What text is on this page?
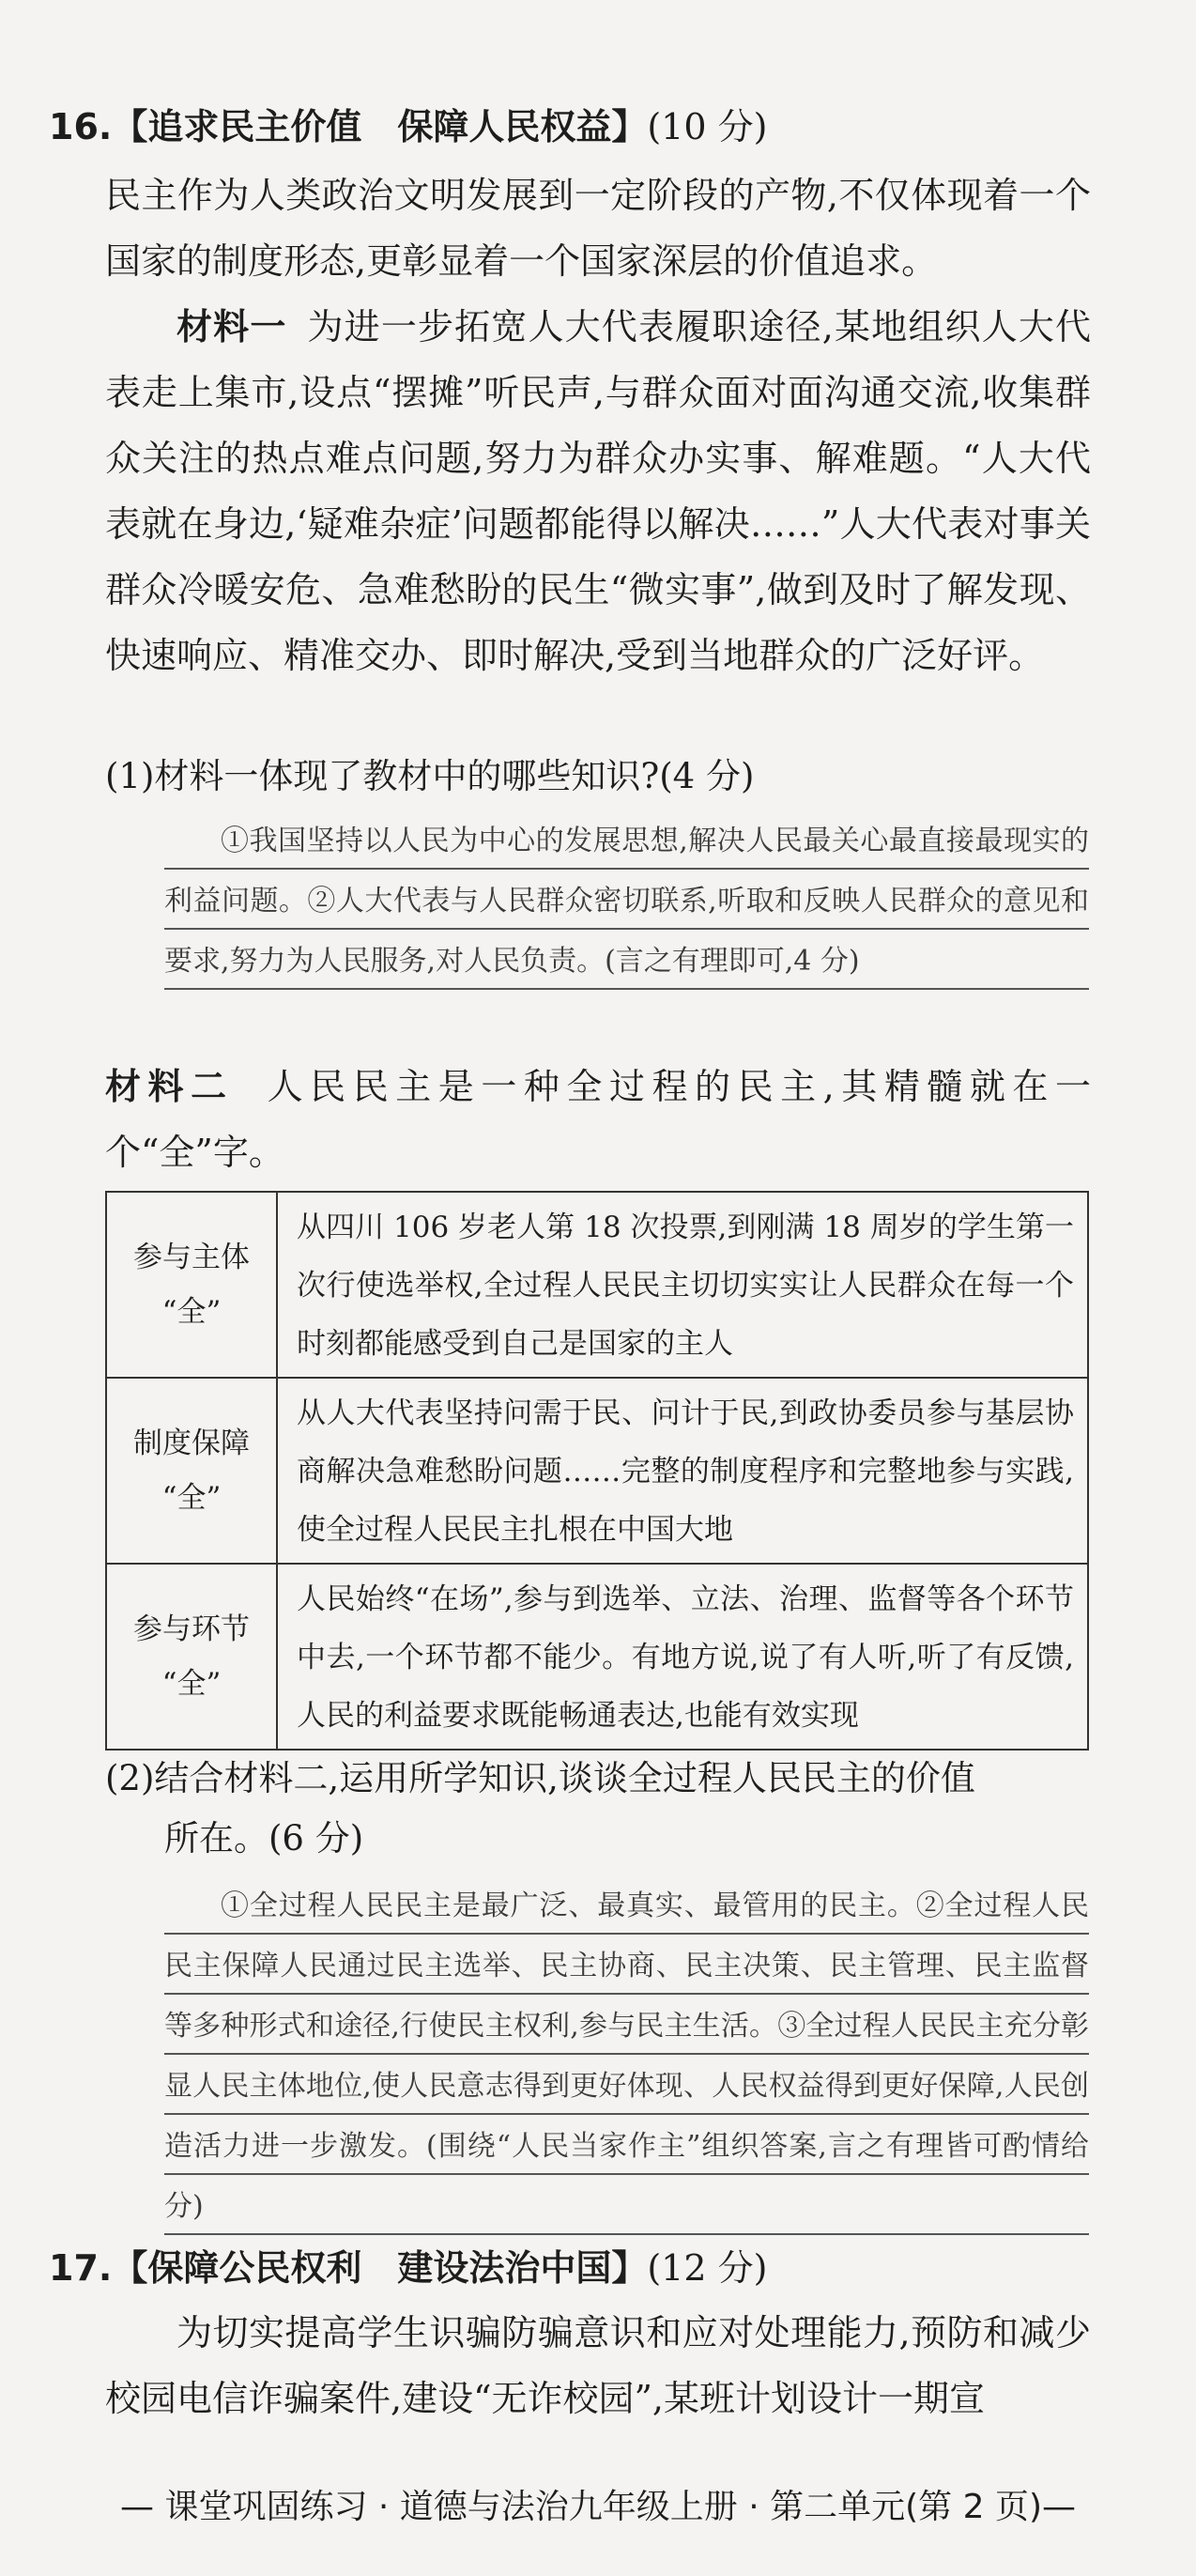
16.【追求民主价值　保障人民权益】(10 分)
民主作为人类政治文明发展到一定阶段的产物,不仅体现着一个国家的制度形态,更彰显着一个国家深层的价值追求。
材料一 为进一步拓宽人大代表履职途径,某地组织人大代表走上集市,设点“摆摊”听民声,与群众面对面沟通交流,收集群众关注的热点难点问题,努力为群众办实事、解难题。“人大代表就在身边,‘疑难杂症’问题都能得以解决……”人大代表对事关群众冷暖安危、急难愁盼的民生“微实事”,做到及时了解发现、快速响应、精准交办、即时解决,受到当地群众的广泛好评。
(1)材料一体现了教材中的哪些知识?(4 分)
①我国坚持以人民为中心的发展思想,解决人民最关心最直接最现实的利益问题。②人大代表与人民群众密切联系,听取和反映人民群众的意见和要求,努力为人民服务,对人民负责。(言之有理即可,4 分)
材料二 人民民主是一种全过程的民主,其精髓就在一个“全”字。
参与主体
“全”	从四川 106 岁老人第 18 次投票,到刚满 18 周岁的学生第一次行使选举权,全过程人民民主切切实实让人民群众在每一个时刻都能感受到自己是国家的主人

制度保障
“全”	从人大代表坚持问需于民、问计于民,到政协委员参与基层协商解决急难愁盼问题……完整的制度程序和完整地参与实践,使全过程人民民主扎根在中国大地

参与环节
“全”	人民始终“在场”,参与到选举、立法、治理、监督等各个环节中去,一个环节都不能少。有地方说,说了有人听,听了有反馈,人民的利益要求既能畅通表达,也能有效实现
(2)结合材料二,运用所学知识,谈谈全过程人民民主的价值
所在。(6 分)
①全过程人民民主是最广泛、最真实、最管用的民主。②全过程人民民主保障人民通过民主选举、民主协商、民主决策、民主管理、民主监督等多种形式和途径,行使民主权利,参与民主生活。③全过程人民民主充分彰显人民主体地位,使人民意志得到更好体现、人民权益得到更好保障,人民创造活力进一步激发。(围绕“人民当家作主”组织答案,言之有理皆可酌情给分)
17.【保障公民权利　建设法治中国】(12 分)
为切实提高学生识骗防骗意识和应对处理能力,预防和减少校园电信诈骗案件,建设“无诈校园”,某班计划设计一期宣
— 课堂巩固练习 · 道德与法治九年级上册 · 第二单元(第 2 页)—
